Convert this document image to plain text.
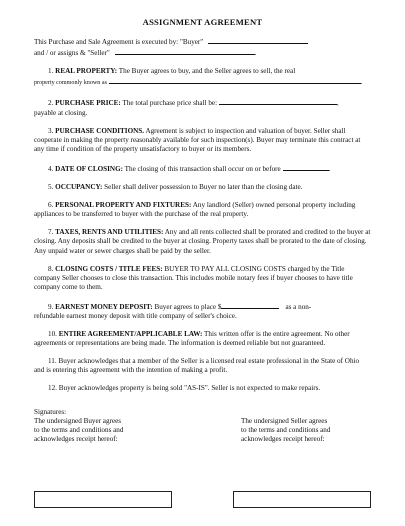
ASSIGNMENT AGREEMENT

This Purchase and Sale Agreement is executed by: "Buyer"
and / or assigns & "Seller"	.

1. REAL PROPERTY: The Buyer agrees to buy, and the Seller agrees to sell, the real
property commonly known as	.

2. PURCHASE PRICE: The total purchase price shall be:	,
payable at closing.

3. PURCHASE CONDITIONS. Agreement is subject to inspection and valuation of buyer. Seller shall cooperate in making the property reasonably available for such inspection(s). Buyer may terminate this contract at any time if condition of the property unsatisfactory to buyer or its members.

4. DATE OF CLOSING: The closing of this transaction shall occur on or before	.

5. OCCUPANCY: Seller shall deliver possession to Buyer no later than the closing date.

6. PERSONAL PROPERTY AND FIXTURES: Any landlord (Seller) owned personal property including appliances to be transferred to buyer with the purchase of the real property.

7. TAXES, RENTS AND UTILITIES: Any and all rents collected shall be prorated and credited to the buyer at closing. Any deposits shall be credited to the buyer at closing. Property taxes shall be prorated to the date of closing. Any unpaid water or sewer charges shall be paid by the seller.

8. CLOSING COSTS / TITLE FEES: BUYER TO PAY ALL CLOSING COSTS charged by the Title company Seller chooses to close this transaction. This includes mobile notary fees if buyer chooses to have title company come to them.

9. EARNEST MONEY DEPOSIT: Buyer agrees to place $	as a non-
refundable earnest money deposit with title company of seller's choice.

10. ENTIRE AGREEMENT/APPLICABLE LAW: This written offer is the entire agreement. No other agreements or representations are being made. The information is deemed reliable but not guaranteed.

11. Buyer acknowledges that a member of the Seller is a licensed real estate professional in the State of Ohio and is entering this agreement with the intention of making a profit.

12. Buyer acknowledges property is being sold "AS-IS". Seller is not expected to make repairs.

Signatures:
The undersigned Buyer agrees
to the terms and conditions and
acknowledges receipt hereof:
The undersigned Seller agrees
to the terms and conditions and
acknowledges receipt hereof:
